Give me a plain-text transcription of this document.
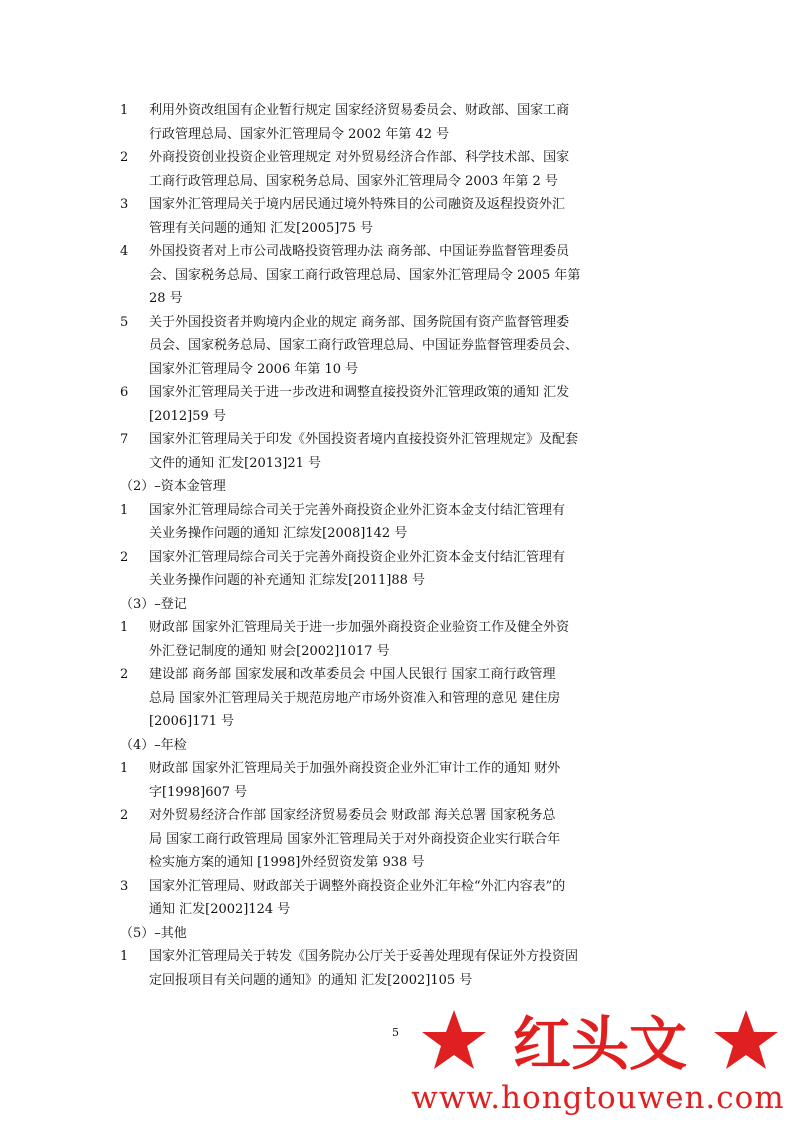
1	利用外资改组国有企业暂行规定 国家经济贸易委员会、财政部、国家工商
行政管理总局、国家外汇管理局令 2002 年第 42 号
2	外商投资创业投资企业管理规定 对外贸易经济合作部、科学技术部、国家
工商行政管理总局、国家税务总局、国家外汇管理局令 2003 年第 2 号
3	国家外汇管理局关于境内居民通过境外特殊目的公司融资及返程投资外汇
管理有关问题的通知 汇发[2005]75 号
4	外国投资者对上市公司战略投资管理办法 商务部、中国证券监督管理委员
会、国家税务总局、国家工商行政管理总局、国家外汇管理局令 2005 年第
28 号
5	关于外国投资者并购境内企业的规定 商务部、国务院国有资产监督管理委
员会、国家税务总局、国家工商行政管理总局、中国证券监督管理委员会、
国家外汇管理局令 2006 年第 10 号
6	国家外汇管理局关于进一步改进和调整直接投资外汇管理政策的通知 汇发
[2012]59 号
7	国家外汇管理局关于印发《外国投资者境内直接投资外汇管理规定》及配套
文件的通知 汇发[2013]21 号
（2）–资本金管理
1	国家外汇管理局综合司关于完善外商投资企业外汇资本金支付结汇管理有
关业务操作问题的通知 汇综发[2008]142 号
2	国家外汇管理局综合司关于完善外商投资企业外汇资本金支付结汇管理有
关业务操作问题的补充通知 汇综发[2011]88 号
（3）–登记
1	财政部 国家外汇管理局关于进一步加强外商投资企业验资工作及健全外资
外汇登记制度的通知 财会[2002]1017 号
2	建设部 商务部 国家发展和改革委员会 中国人民银行 国家工商行政管理
总局 国家外汇管理局关于规范房地产市场外资准入和管理的意见 建住房
[2006]171 号
（4）–年检
1	财政部 国家外汇管理局关于加强外商投资企业外汇审计工作的通知 财外
字[1998]607 号
2	对外贸易经济合作部 国家经济贸易委员会 财政部 海关总署 国家税务总
局 国家工商行政管理局 国家外汇管理局关于对外商投资企业实行联合年
检实施方案的通知 [1998]外经贸资发第 938 号
3	国家外汇管理局、财政部关于调整外商投资企业外汇年检“外汇内容表”的
通知 汇发[2002]124 号
（5）–其他
1	国家外汇管理局关于转发《国务院办公厅关于妥善处理现有保证外方投资固
定回报项目有关问题的通知》的通知 汇发[2002]105 号
5 红头文
www.hongtouwen.com
